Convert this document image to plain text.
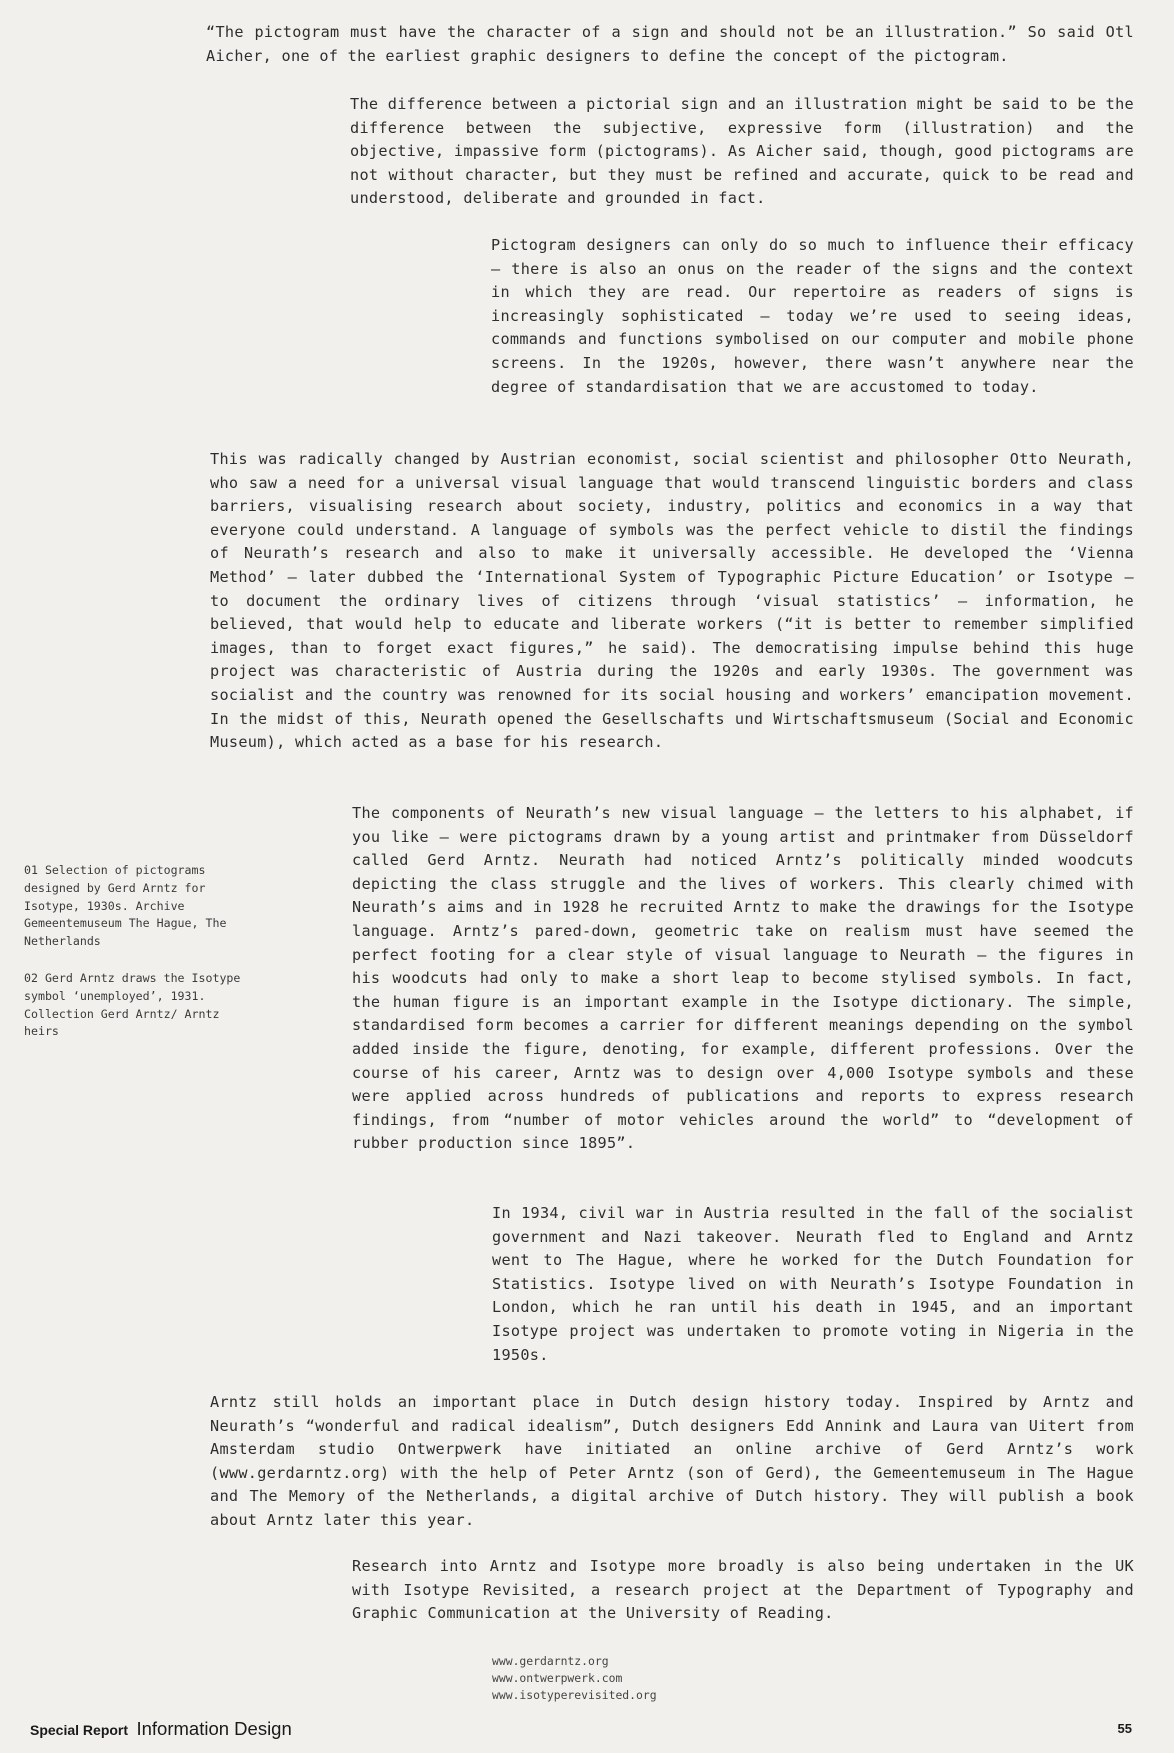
“The pictogram must have the character of a sign and should not be an illustration.” So said Otl Aicher, one of the earliest graphic designers to define the concept of the pictogram.

The difference between a pictorial sign and an illustration might be said to be the difference between the subjective, expressive form (illustration) and the objective, impassive form (pictograms). As Aicher said, though, good pictograms are not without character, but they must be refined and accurate, quick to be read and understood, deliberate and grounded in fact.

Pictogram designers can only do so much to influence their efficacy – there is also an onus on the reader of the signs and the context in which they are read. Our repertoire as readers of signs is increasingly sophisticated – today we’re used to seeing ideas, commands and functions symbolised on our computer and mobile phone screens. In the 1920s, however, there wasn’t anywhere near the degree of standardisation that we are accustomed to today.

This was radically changed by Austrian economist, social scientist and philosopher Otto Neurath, who saw a need for a universal visual language that would transcend linguistic borders and class barriers, visualising research about society, industry, politics and economics in a way that everyone could understand. A language of symbols was the perfect vehicle to distil the findings of Neurath’s research and also to make it universally accessible. He developed the ‘Vienna Method’ – later dubbed the ‘International System of Typographic Picture Education’ or Isotype – to document the ordinary lives of citizens through ‘visual statistics’ – information, he believed, that would help to educate and liberate workers (“it is better to remember simplified images, than to forget exact figures,” he said). The democratising impulse behind this huge project was characteristic of Austria during the 1920s and early 1930s. The government was socialist and the country was renowned for its social housing and workers’ emancipation movement. In the midst of this, Neurath opened the Gesellschafts und Wirtschaftsmuseum (Social and Economic Museum), which acted as a base for his research.

The components of Neurath’s new visual language – the letters to his alphabet, if you like – were pictograms drawn by a young artist and printmaker from Düsseldorf called Gerd Arntz. Neurath had noticed Arntz’s politically minded woodcuts depicting the class struggle and the lives of workers. This clearly chimed with Neurath’s aims and in 1928 he recruited Arntz to make the drawings for the Isotype language. Arntz’s pared-down, geometric take on realism must have seemed the perfect footing for a clear style of visual language to Neurath – the figures in his woodcuts had only to make a short leap to become stylised symbols. In fact, the human figure is an important example in the Isotype dictionary. The simple, standardised form becomes a carrier for different meanings depending on the symbol added inside the figure, denoting, for example, different professions. Over the course of his career, Arntz was to design over 4,000 Isotype symbols and these were applied across hundreds of publications and reports to express research findings, from “number of motor vehicles around the world” to “development of rubber production since 1895”.

In 1934, civil war in Austria resulted in the fall of the socialist government and Nazi takeover. Neurath fled to England and Arntz went to The Hague, where he worked for the Dutch Foundation for Statistics. Isotype lived on with Neurath’s Isotype Foundation in London, which he ran until his death in 1945, and an important Isotype project was undertaken to promote voting in Nigeria in the 1950s.

Arntz still holds an important place in Dutch design history today. Inspired by Arntz and Neurath’s “wonderful and radical idealism”, Dutch designers Edd Annink and Laura van Uitert from Amsterdam studio Ontwerpwerk have initiated an online archive of Gerd Arntz’s work (www.gerdarntz.org) with the help of Peter Arntz (son of Gerd), the Gemeentemuseum in The Hague and The Memory of the Netherlands, a digital archive of Dutch history. They will publish a book about Arntz later this year.

Research into Arntz and Isotype more broadly is also being undertaken in the UK with Isotype Revisited, a research project at the Department of Typography and Graphic Communication at the University of Reading.

01 Selection of pictograms designed by Gerd Arntz for Isotype, 1930s. Archive Gemeentemuseum The Hague, The Netherlands

02 Gerd Arntz draws the Isotype symbol ‘unemployed’, 1931. Collection Gerd Arntz/ Arntz heirs

www.gerdarntz.org
www.ontwerpwerk.com
www.isotyperevisited.org
Special Report Information Design	55
